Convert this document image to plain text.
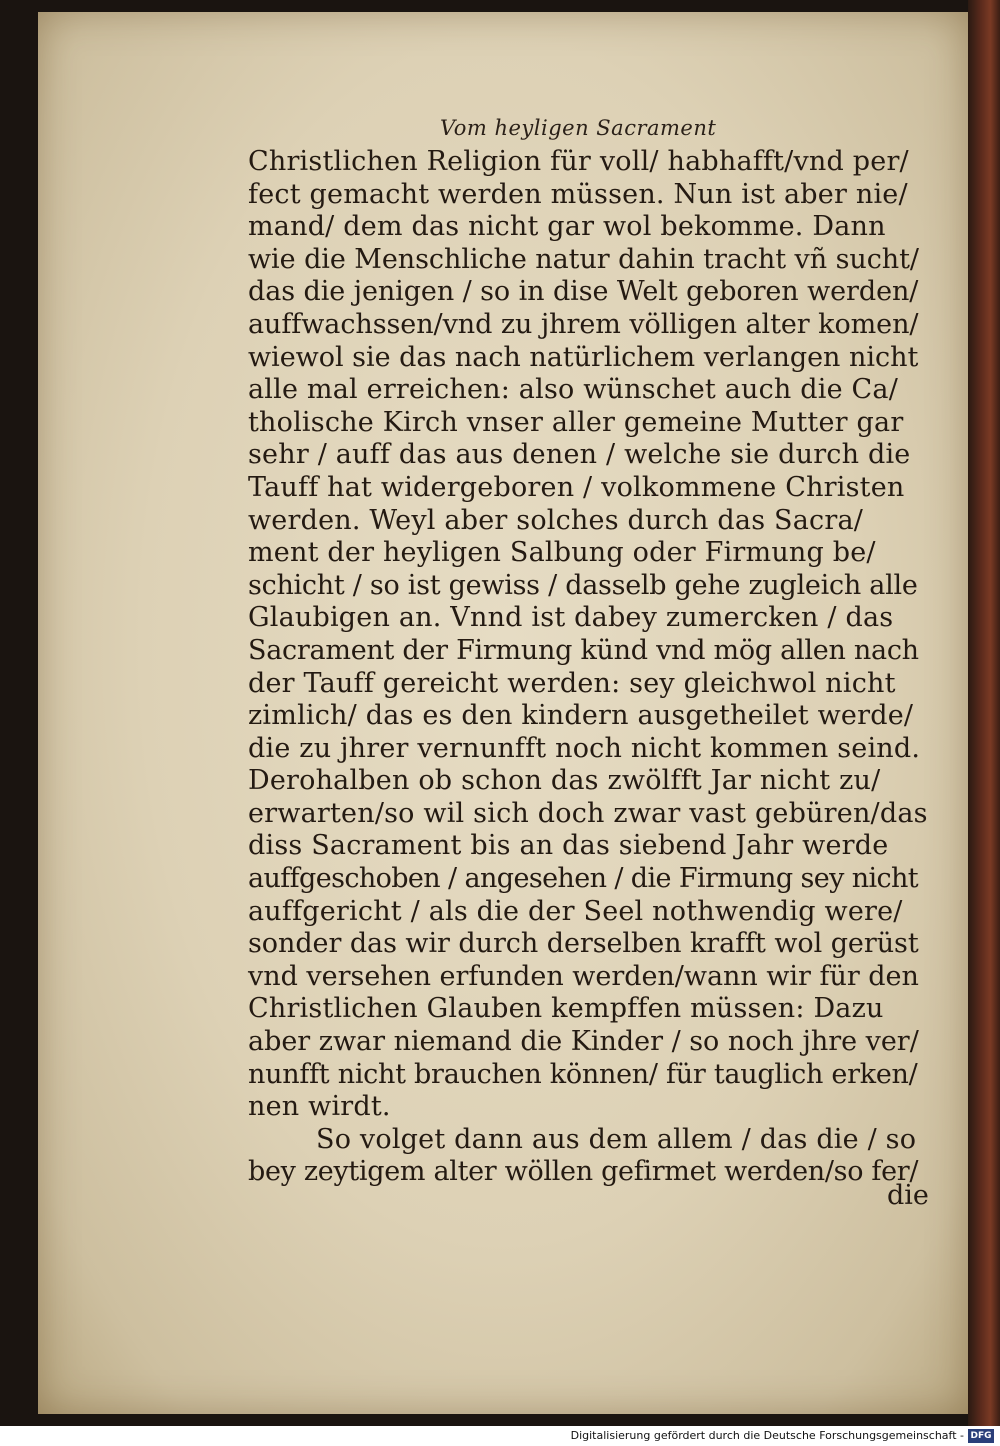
Vom heyligen Sacrament
Christlichen Religion für voll/ habhafft/vnd per/
fect gemacht werden müssen. Nun ist aber nie/
mand/ dem das nicht gar wol bekomme. Dann
wie die Menschliche natur dahin tracht vñ sucht/
das die jenigen / so in dise Welt geboren werden/
auffwachssen/vnd zu jhrem völligen alter komen/
wiewol sie das nach natürlichem verlangen nicht
alle mal erreichen: also wünschet auch die Ca/
tholische Kirch vnser aller gemeine Mutter gar
sehr / auff das aus denen / welche sie durch die
Tauff hat widergeboren / volkommene Christen
werden. Weyl aber solches durch das Sacra/
ment der heyligen Salbung oder Firmung be/
schicht / so ist gewiss / dasselb gehe zugleich alle
Glaubigen an. Vnnd ist dabey zumercken / das
Sacrament der Firmung künd vnd mög allen nach
der Tauff gereicht werden: sey gleichwol nicht
zimlich/ das es den kindern ausgetheilet werde/
die zu jhrer vernunfft noch nicht kommen seind.
Derohalben ob schon das zwölfft Jar nicht zu/
erwarten/so wil sich doch zwar vast gebüren/das
diss Sacrament bis an das siebend Jahr werde
auffgeschoben / angesehen / die Firmung sey nicht
auffgericht / als die der Seel nothwendig were/
sonder das wir durch derselben krafft wol gerüst
vnd versehen erfunden werden/wann wir für den
Christlichen Glauben kempffen müssen: Dazu
aber zwar niemand die Kinder / so noch jhre ver/
nunfft nicht brauchen können/ für tauglich erken/
nen wirdt.
So volget dann aus dem allem / das die / so
bey zeytigem alter wöllen gefirmet werden/so fer/
die
Digitalisierung gefördert durch die Deutsche Forschungsgemeinschaft - DFG
